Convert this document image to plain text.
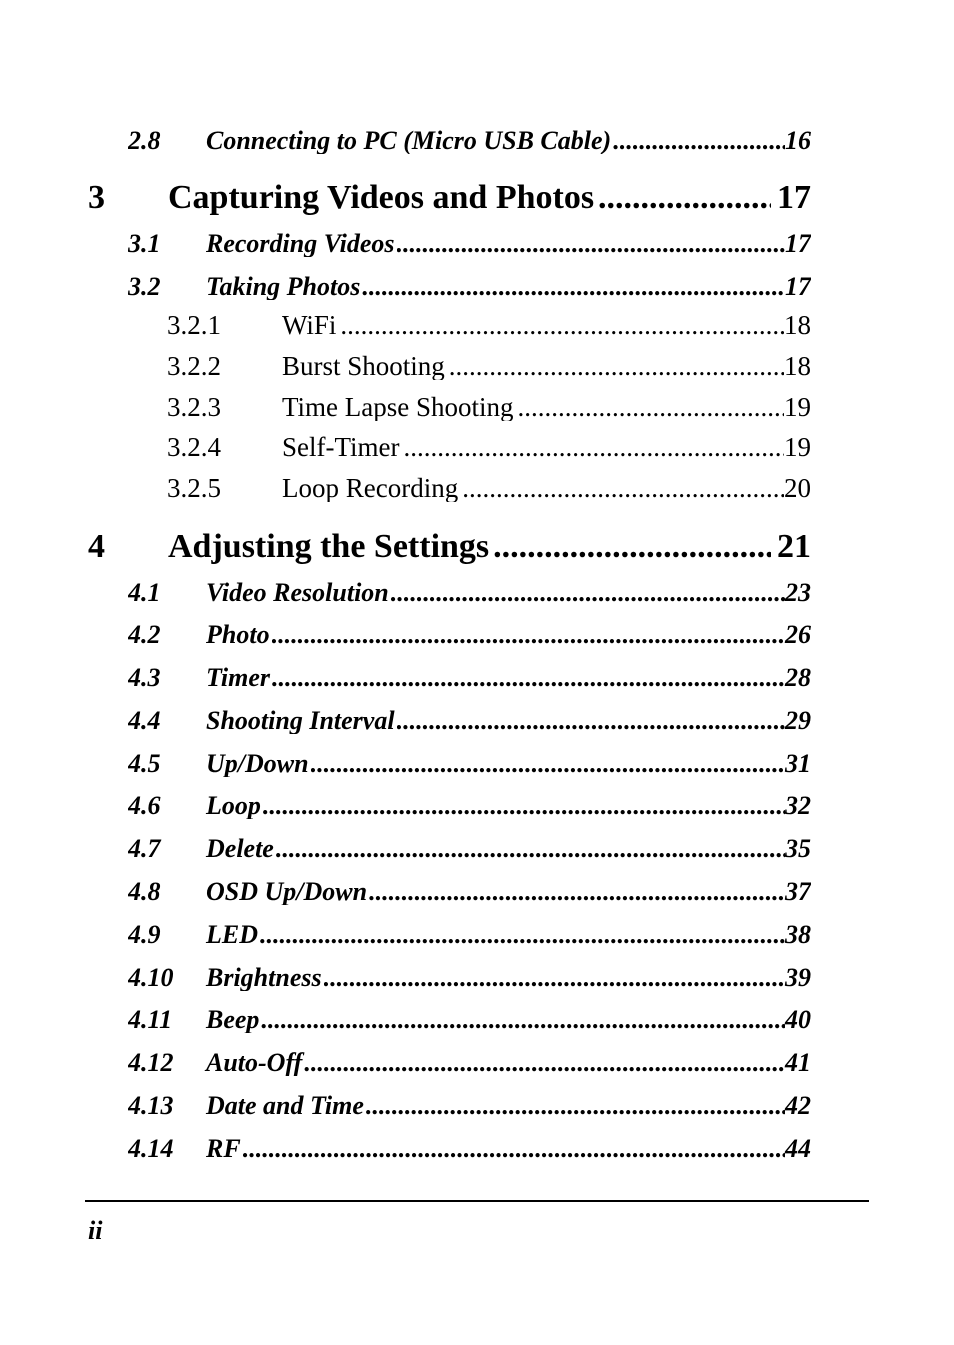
2.8	Connecting to PC (Micro USB Cable) .....	16
3	Capturing Videos and Photos .....	17
3.1	Recording Videos .....	17
3.2	Taking Photos .....	17
3.2.1	WiFi .....	18
3.2.2	Burst Shooting .....	18
3.2.3	Time Lapse Shooting .....	19
3.2.4	Self-Timer .....	19
3.2.5	Loop Recording .....	20
4	Adjusting the Settings .....	21
4.1	Video Resolution .....	23
4.2	Photo .....	26
4.3	Timer .....	28
4.4	Shooting Interval .....	29
4.5	Up/Down .....	31
4.6	Loop .....	32
4.7	Delete .....	35
4.8	OSD Up/Down .....	37
4.9	LED .....	38
4.10	Brightness .....	39
4.11	Beep .....	40
4.12	Auto-Off .....	41
4.13	Date and Time .....	42
4.14	RF .....	44
ii
